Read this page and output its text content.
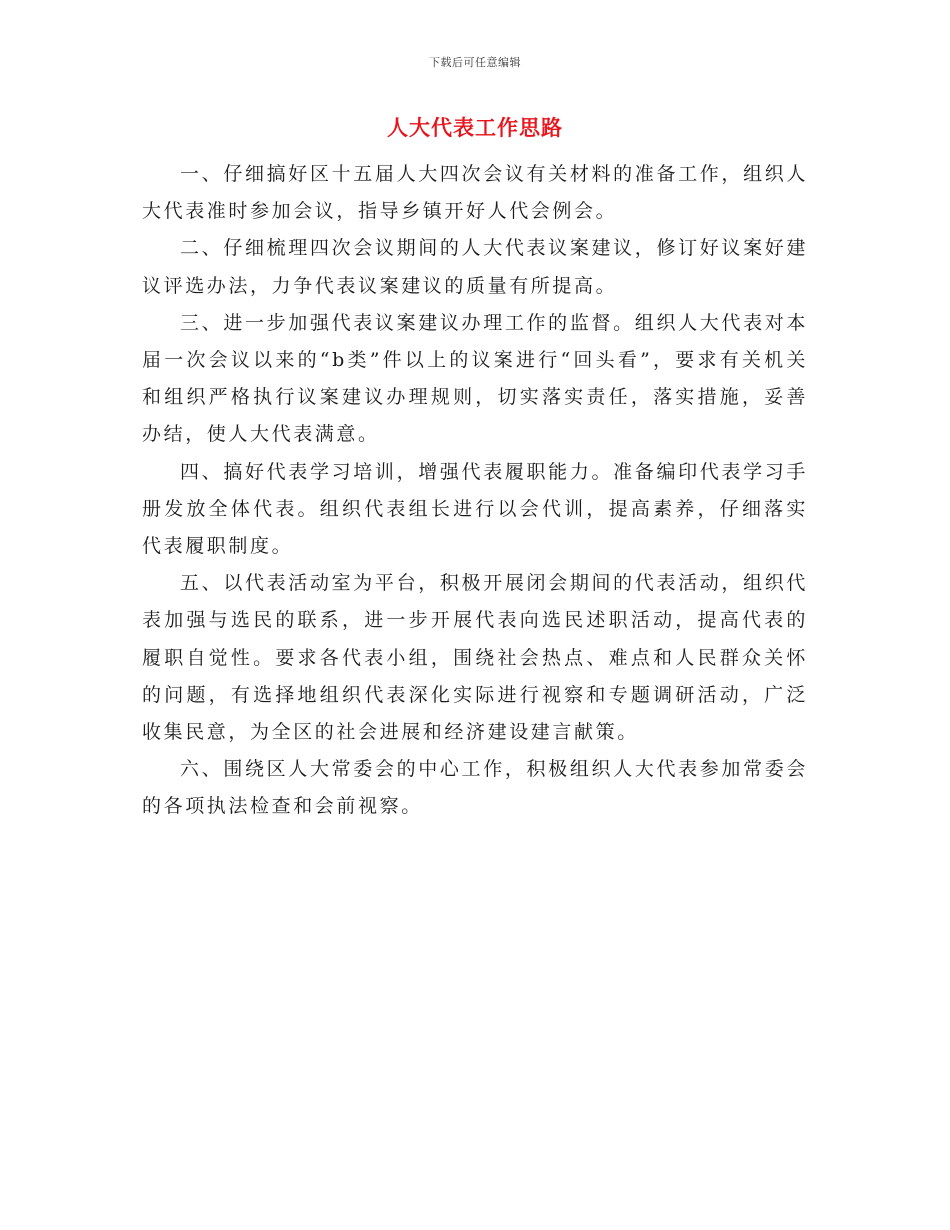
下载后可任意编辑
人大代表工作思路

一、仔细搞好区十五届人大四次会议有关材料的准备工作，组织人大代表准时参加会议，指导乡镇开好人代会例会。

二、仔细梳理四次会议期间的人大代表议案建议，修订好议案好建议评选办法，力争代表议案建议的质量有所提高。

三、进一步加强代表议案建议办理工作的监督。组织人大代表对本届一次会议以来的“b类”件以上的议案进行“回头看”，要求有关机关和组织严格执行议案建议办理规则，切实落实责任，落实措施，妥善办结，使人大代表满意。

四、搞好代表学习培训，增强代表履职能力。准备编印代表学习手册发放全体代表。组织代表组长进行以会代训，提高素养，仔细落实代表履职制度。

五、以代表活动室为平台，积极开展闭会期间的代表活动，组织代表加强与选民的联系，进一步开展代表向选民述职活动，提高代表的履职自觉性。要求各代表小组，围绕社会热点、难点和人民群众关怀的问题，有选择地组织代表深化实际进行视察和专题调研活动，广泛收集民意，为全区的社会进展和经济建设建言献策。

六、围绕区人大常委会的中心工作，积极组织人大代表参加常委会的各项执法检查和会前视察。
